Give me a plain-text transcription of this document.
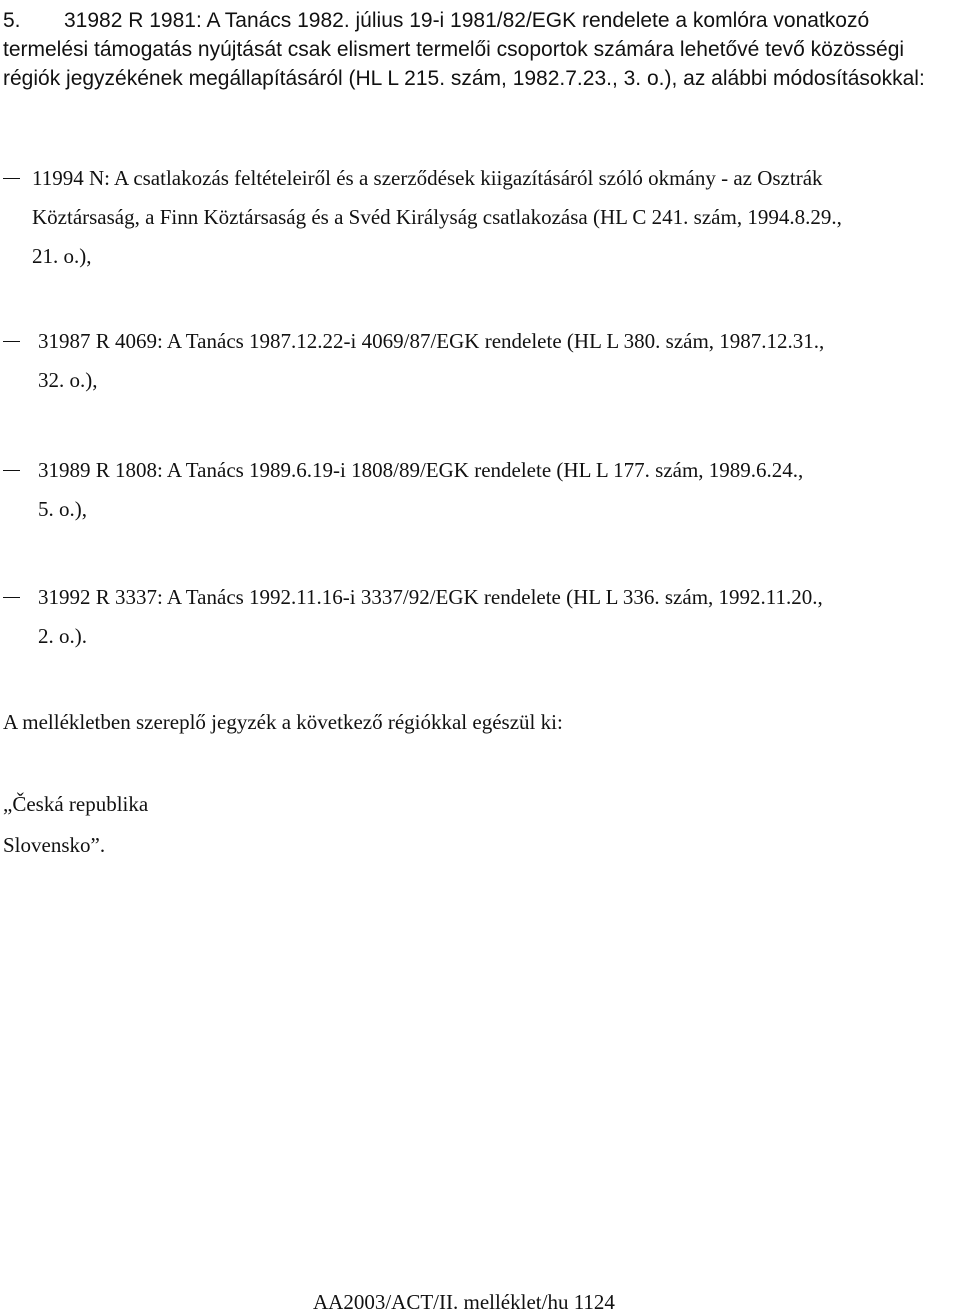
5. 31982 R 1981: A Tanács 1982. július 19-i 1981/82/EGK rendelete a komlóra vonatkozó
termelési támogatás nyújtását csak elismert termelői csoportok számára lehetővé tevő közösségi
régiók jegyzékének megállapításáról (HL L 215. szám, 1982.7.23., 3. o.), az alábbi módosításokkal:
11994 N: A csatlakozás feltételeiről és a szerződések kiigazításáról szóló okmány - az Osztrák
Köztársaság, a Finn Köztársaság és a Svéd Királyság csatlakozása (HL C 241. szám, 1994.8.29.,
21. o.),
31987 R 4069: A Tanács 1987.12.22-i 4069/87/EGK rendelete (HL L 380. szám, 1987.12.31.,
32. o.),
31989 R 1808: A Tanács 1989.6.19-i 1808/89/EGK rendelete (HL L 177. szám, 1989.6.24.,
5. o.),
31992 R 3337: A Tanács 1992.11.16-i 3337/92/EGK rendelete (HL L 336. szám, 1992.11.20.,
2. o.).
A mellékletben szereplő jegyzék a következő régiókkal egészül ki:
„Česká republika
Slovensko”.
AA2003/ACT/II. melléklet/hu 1124
